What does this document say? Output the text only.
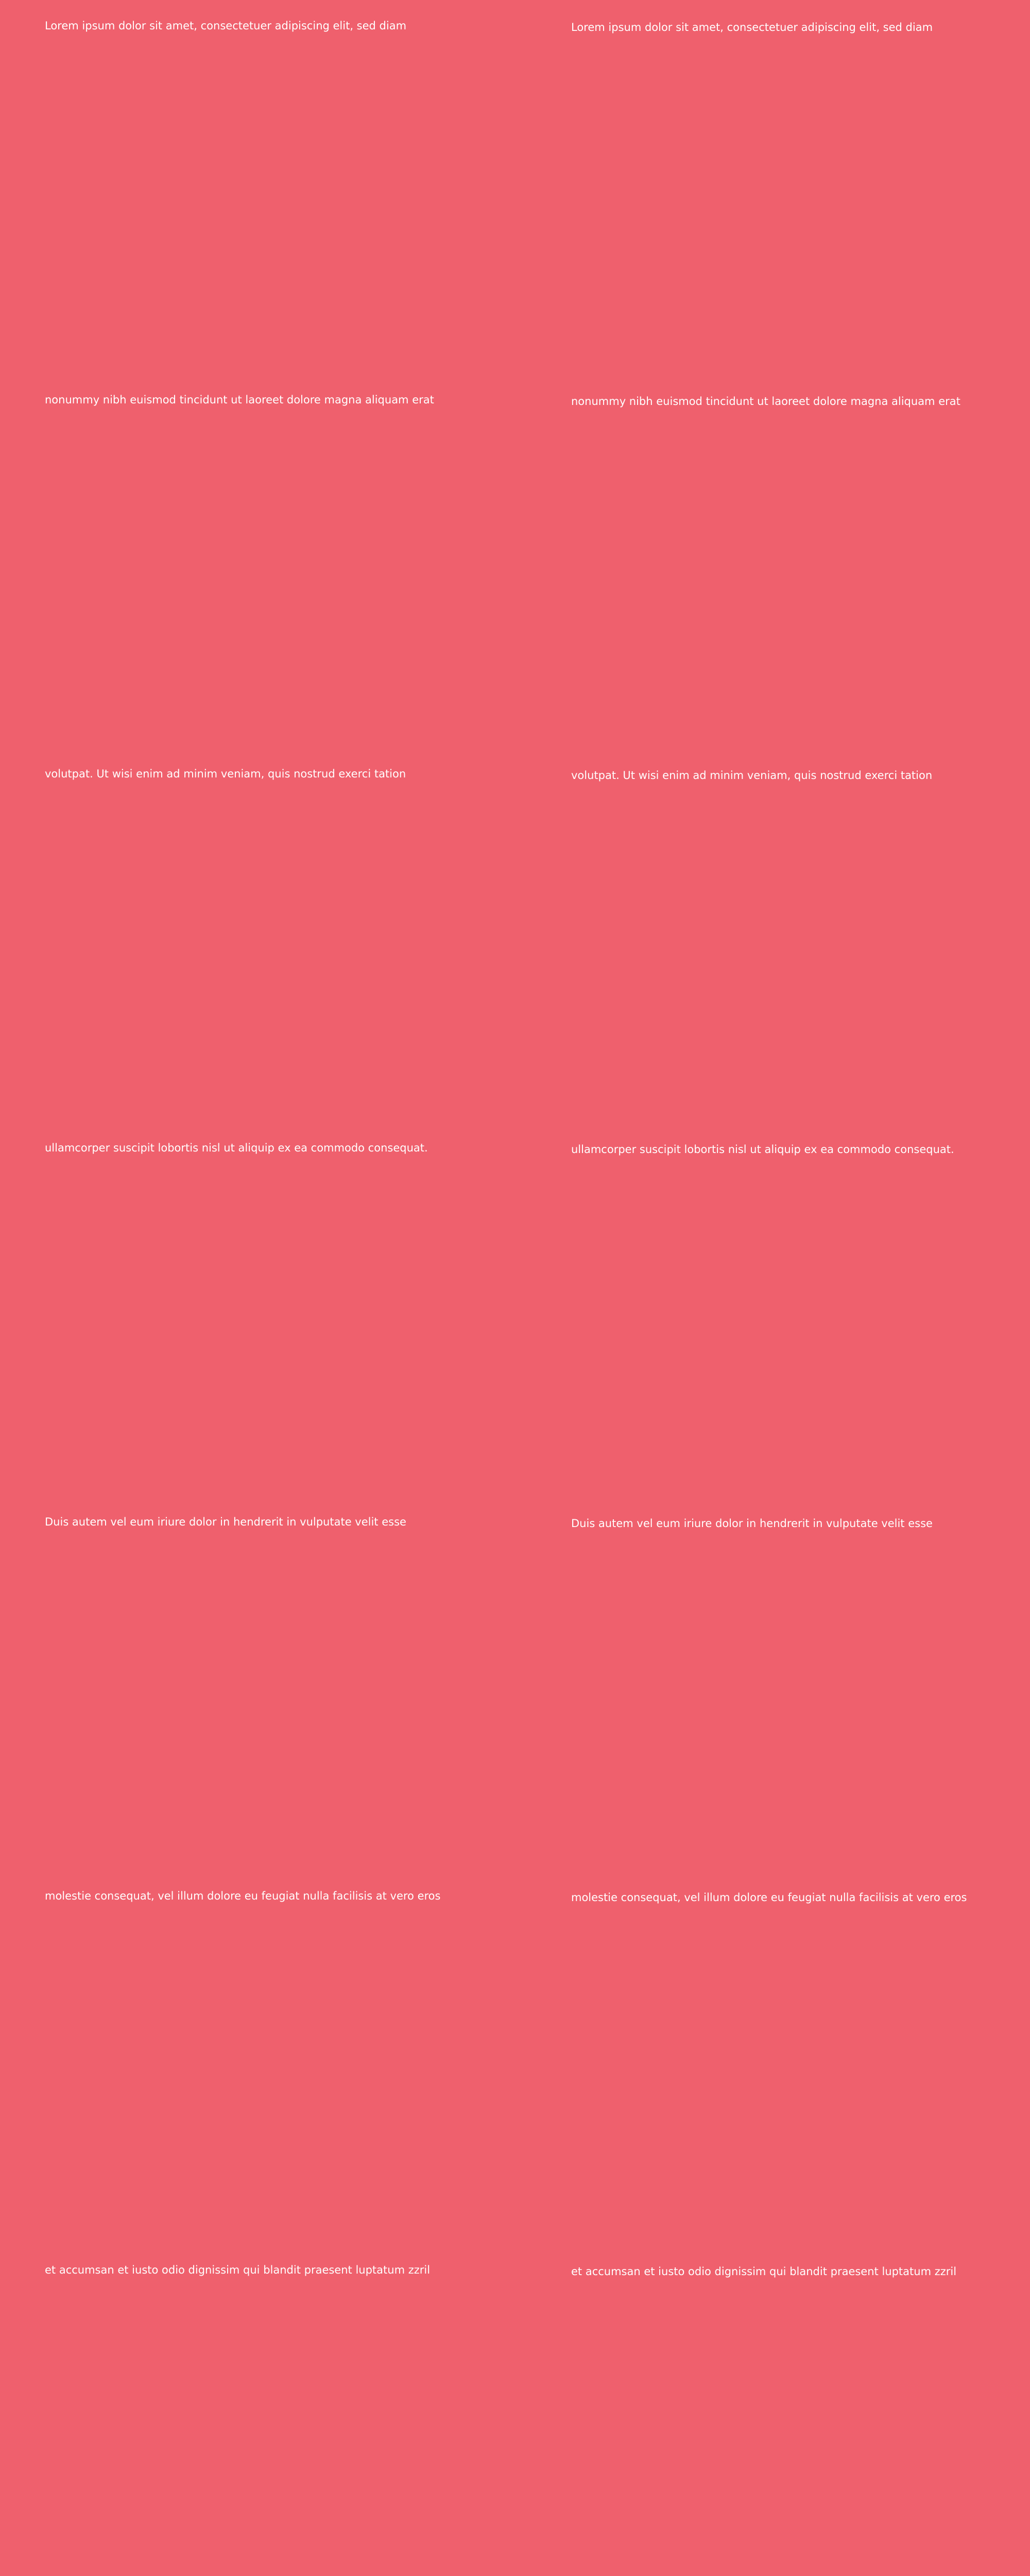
Lorem ipsum dolor sit amet, consectetuer adipiscing elit, sed diam
nonummy nibh euismod tincidunt ut laoreet dolore magna aliquam erat
volutpat. Ut wisi enim ad minim veniam, quis nostrud exerci tation
ullamcorper suscipit lobortis nisl ut aliquip ex ea commodo consequat.
Duis autem vel eum iriure dolor in hendrerit in vulputate velit esse
molestie consequat, vel illum dolore eu feugiat nulla facilisis at vero eros
et accumsan et iusto odio dignissim qui blandit praesent luptatum zzril
Lorem ipsum dolor sit amet, consectetuer adipiscing elit, sed diam
nonummy nibh euismod tincidunt ut laoreet dolore magna aliquam erat
volutpat. Ut wisi enim ad minim veniam, quis nostrud exerci tation
ullamcorper suscipit lobortis nisl ut aliquip ex ea commodo consequat.
Duis autem vel eum iriure dolor in hendrerit in vulputate velit esse
molestie consequat, vel illum dolore eu feugiat nulla facilisis at vero eros
et accumsan et iusto odio dignissim qui blandit praesent luptatum zzril
